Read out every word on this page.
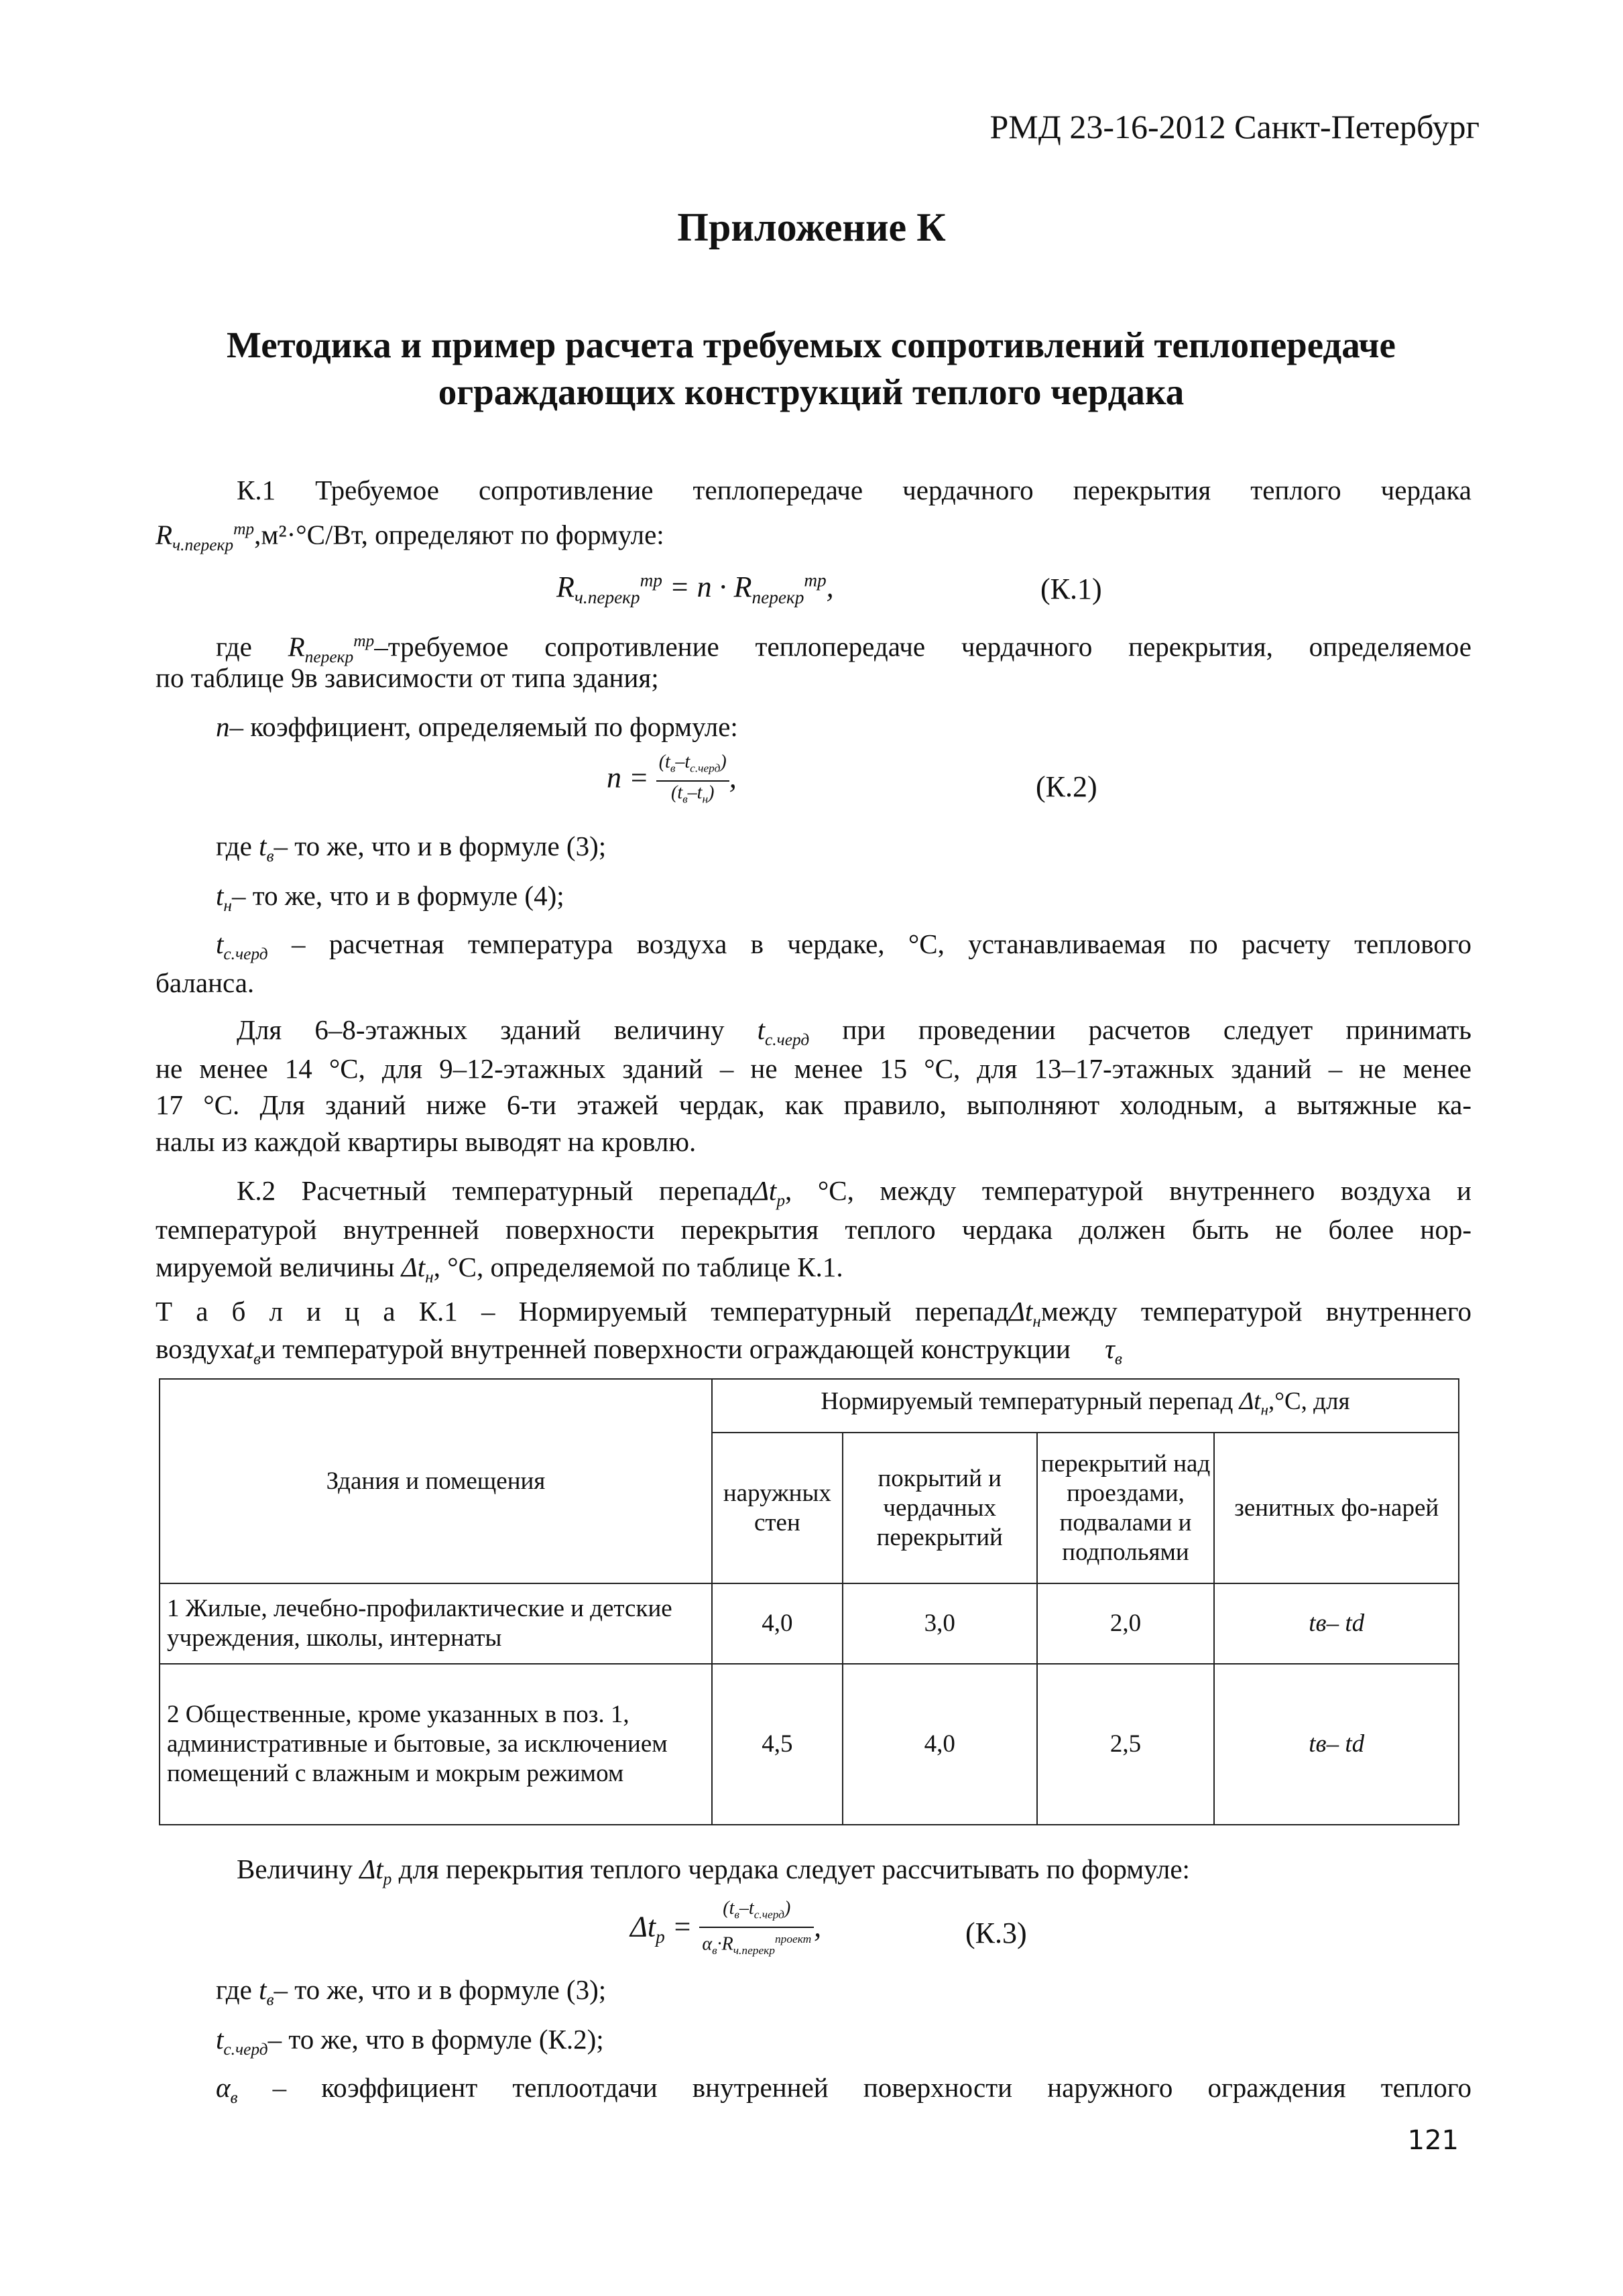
РМД 23-16-2012 Санкт-Петербург
Приложение К
Методика и пример расчета требуемых сопротивлений теплопередаче
ограждающих конструкций теплого чердака
К.1 Требуемое сопротивление теплопередаче чердачного перекрытия теплого чердака
$R_{ч.перекр}^{тр},м^2\cdot^\circ С/Вт$, определяют по формуле:
$R_{ч.перекр}^{тр} = n \cdot R_{перекр}^{тр}$,	(К.1)
где $R_{перекр}^{тр}$–требуемое сопротивление теплопередаче чердачного перекрытия, определяемое
по таблице 9в зависимости от типа здания;
n– коэффициент, определяемый по формуле:
$n = \frac{(t_в-t_{с.черд})}{(t_в-t_н)}$ ,	(К.2)
где $t_в-$ то же, что и в формуле (3);
$t_н-$ то же, что и в формуле (4);
$t_{с.черд}$ – расчетная температура воздуха в чердаке, °С, устанавливаемая по расчету теплового
баланса.
Для 6–8-этажных зданий величину $t_{с.черд}$ при проведении расчетов следует принимать
не менее 14 °С, для 9–12-этажных зданий – не менее 15 °С, для 13–17-этажных зданий – не менее
17 °С. Для зданий ниже 6-ти этажей чердак, как правило, выполняют холодным, а вытяжные ка-
налы из каждой квартиры выводят на кровлю.
К.2 Расчетный температурный перепадΔt$_р$, °С, между температурой внутреннего воздуха и
температурой внутренней поверхности перекрытия теплого чердака должен быть не более нор-
мируемой величины $\Delta t_н$, °С, определяемой по таблице К.1.
Т а б л и ц а К.1 – Нормируемый температурный перепадΔt$_н$между температурой внутреннего
воздухаt$_в$и температурой внутренней поверхности ограждающей конструкции $\tau_в$
Здания и помещения	Нормируемый температурный перепад $\Delta t_н,^\circ С$, для			
	наружных стен	покрытий и чердачных перекрытий	перекрытий над проездами, подвалами и подпольями	зенитных фо-нарей
1 Жилые, лечебно-профилактические и детские учреждения, школы, интернаты	4,0	3,0	2,0	tв– td
2 Общественные, кроме указанных в поз. 1, административные и бытовые, за исключением помещений с влажным и мокрым режимом	4,5	4,0	2,5	tв– td
Величину $\Delta t_р$ для перекрытия теплого чердака следует рассчитывать по формуле:
$\Delta t_р = \frac{(t_в-t_{с.черд})}{\alpha_в\cdot R_{ч.перекр}^{проект}}$ ,	(К.3)
где $t_в-$ то же, что и в формуле (3);
$t_{с.черд}-$ то же, что в формуле (К.2);
$\alpha_в$ – коэффициент теплоотдачи внутренней поверхности наружного ограждения теплого
121
